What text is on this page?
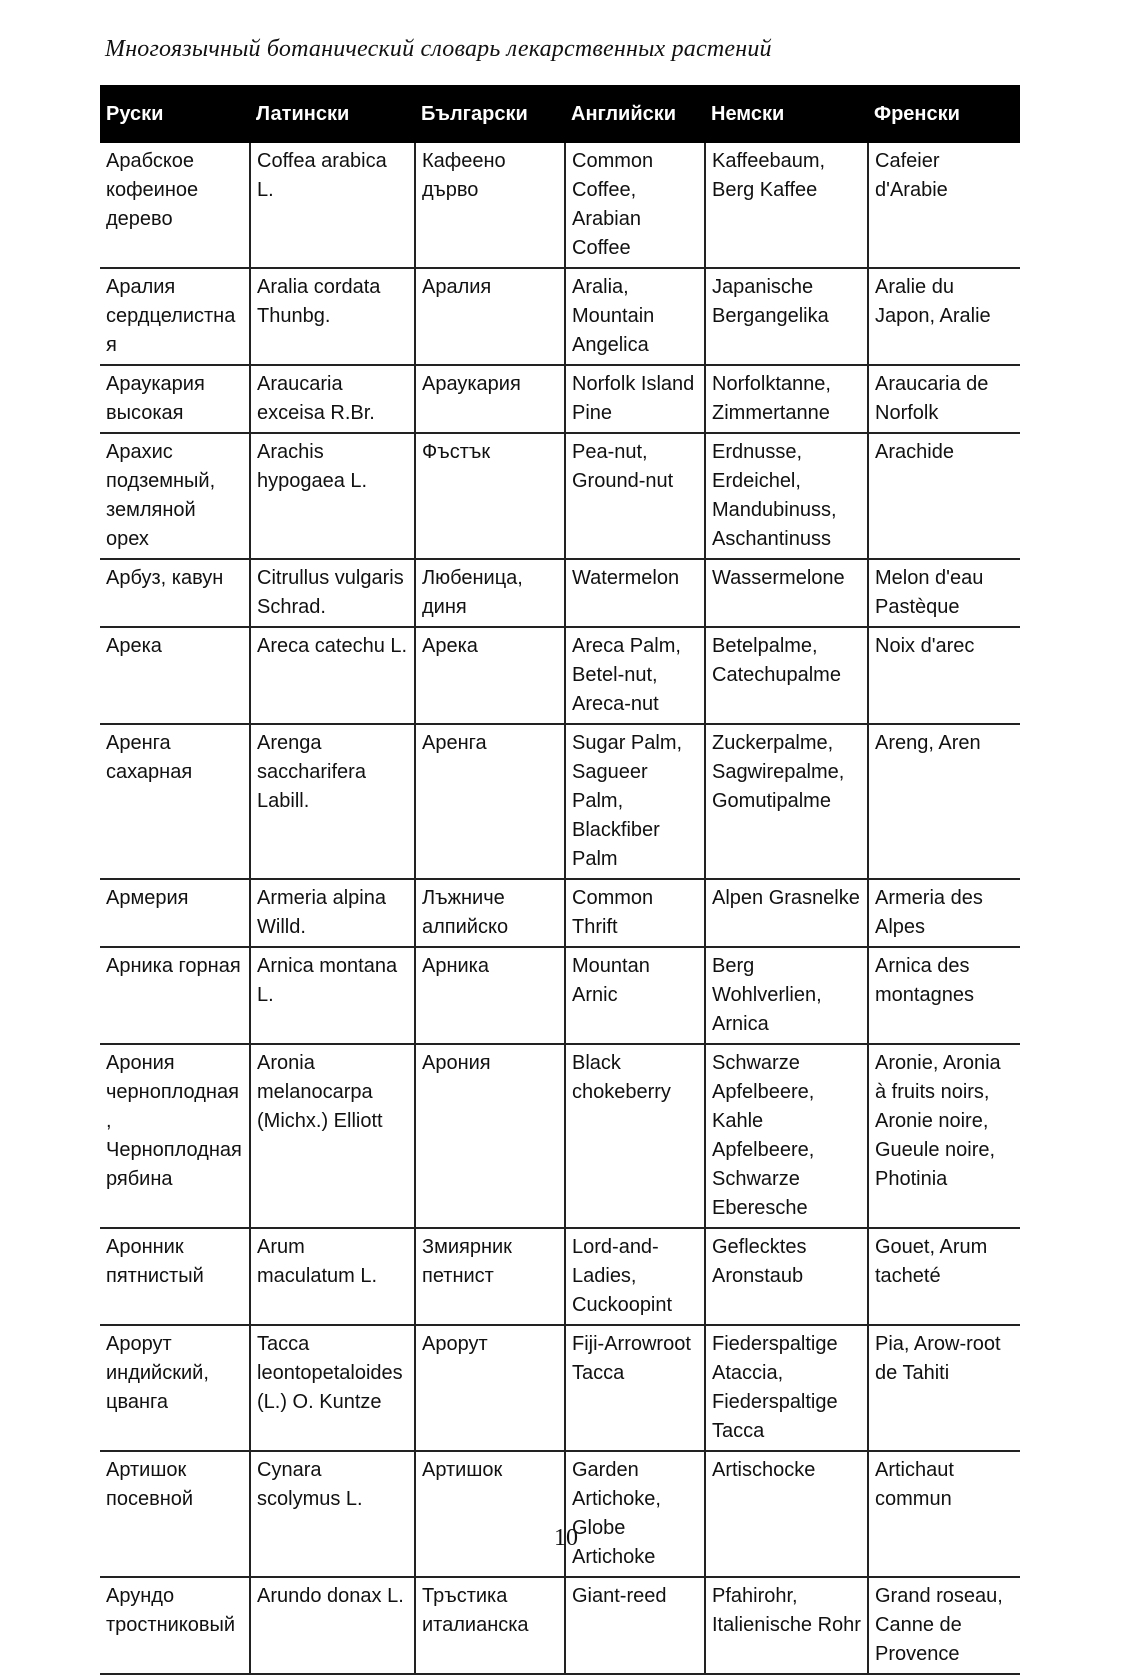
Многоязычный ботанический словарь лекарственных растений
Руски	Латински	Български	Английски	Немски	Френски
Арабское кофеиное дерево	Coffea arabica L.	Кафеено дърво	Common Coffee, Arabian Coffee	Kaffeebaum, Berg Kaffee	Cafeier d'Arabie
Аралия сердцелистная	Aralia cordata Thunbg.	Аралия	Aralia, Mountain Angelica	Japanische Bergangelika	Aralie du Japon, Aralie
Араукария высокая	Araucaria exceisa R.Br.	Араукария	Norfolk Island Pine	Norfolktanne, Zimmertanne	Araucaria de Norfolk
Арахис подземный, земляной орех	Arachis hypogaea L.	Фъстък	Pea-nut, Ground-nut	Erdnusse, Erdeichel, Mandubinuss, Aschantinuss	Arachide
Арбуз, кавун	Citrullus vulgaris Schrad.	Любеница, диня	Watermelon	Wassermelone	Melon d'eau Pastèque
Арека	Areca catechu L.	Арека	Areca Palm, Betel-nut, Areca-nut	Betelpalme, Catechupalme	Noix d'arec
Аренга сахарная	Arenga saccharifera Labill.	Аренга	Sugar Palm, Sagueer Palm, Blackfiber Palm	Zuckerpalme, Sagwirepalme, Gomutipalme	Areng, Aren
Армерия	Armeria alpina Willd.	Лъжниче алпийско	Common Thrift	Alpen Grasnelke	Armeria des Alpes
Арника горная	Arnica montana L.	Арника	Mountan Arnic	Berg Wohlverlien, Arnica	Arnica des montagnes
Арония черноплодная, Черноплодная рябина	Aronia melanocarpa (Michx.) Elliott	Арония	Black chokeberry	Schwarze Apfelbeere, Kahle Apfelbeere, Schwarze Eberesche	Aronie, Aronia à fruits noirs, Aronie noire, Gueule noire, Photinia
Аронник пятнистый	Arum maculatum L.	Змиярник петнист	Lord-and-Ladies, Cuckoopint	Geflecktes Aronstaub	Gouet, Arum tacheté
Арорут индийский, цванга	Tacca leontopetaloides (L.) O. Kuntze	Арорут	Fiji-Arrowroot Tacca	Fiederspaltige Ataccia, Fiederspaltige Tacca	Pia, Arow-root de Tahiti
Артишок посевной	Cynara scolymus L.	Артишок	Garden Artichoke, Globe Artichoke	Artischocke	Artichaut commun
Арундо тростниковый	Arundo donax L.	Тръстика италианска	Giant-reed	Pfahirohr, Italienische Rohr	Grand roseau, Canne de Provence
10
